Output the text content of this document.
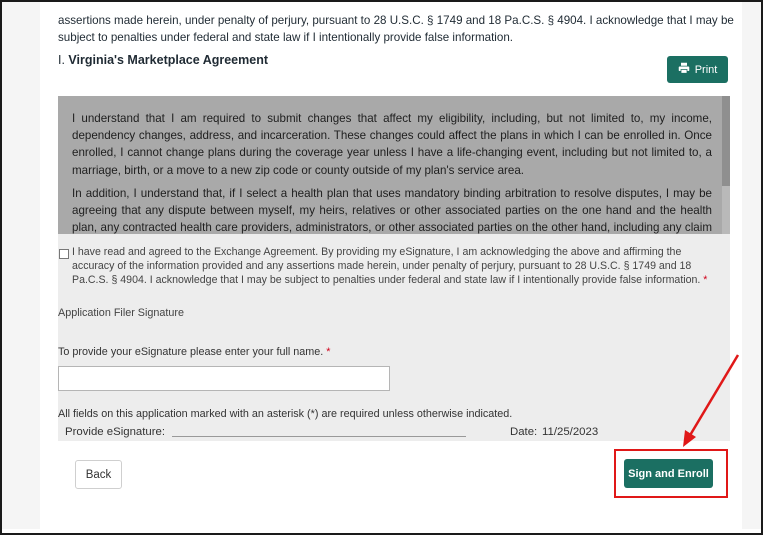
assertions made herein, under penalty of perjury, pursuant to 28 U.S.C. § 1749 and 18 Pa.C.S. § 4904. I acknowledge that I may be subject to penalties under federal and state law if I intentionally provide false information.
I. Virginia's Marketplace Agreement
Print

I understand that I am required to submit changes that affect my eligibility, including, but not limited to, my income, dependency changes, address, and incarceration. These changes could affect the plans in which I can be enrolled in. Once enrolled, I cannot change plans during the coverage year unless I have a life-changing event, including but not limited to, a marriage, birth, or a move to a new zip code or county outside of my plan's service area.

In addition, I understand that, if I select a health plan that uses mandatory binding arbitration to resolve disputes, I may be agreeing that any dispute between myself, my heirs, relatives or other associated parties on the one hand and the health plan, any contracted health care providers, administrators, or other associated parties on the other hand, including any claim

I have read and agreed to the Exchange Agreement. By providing my eSignature, I am acknowledging the above and affirming the accuracy of the information provided and any assertions made herein, under penalty of perjury, pursuant to 28 U.S.C. § 1749 and 18 Pa.C.S. § 4904. I acknowledge that I may be subject to penalties under federal and state law if I intentionally provide false information. *
Application Filer Signature
To provide your eSignature please enter your full name. *
All fields on this application marked with an asterisk (*) are required unless otherwise indicated.
Provide eSignature:	Date: 11/25/2023
Back	Sign and Enroll
